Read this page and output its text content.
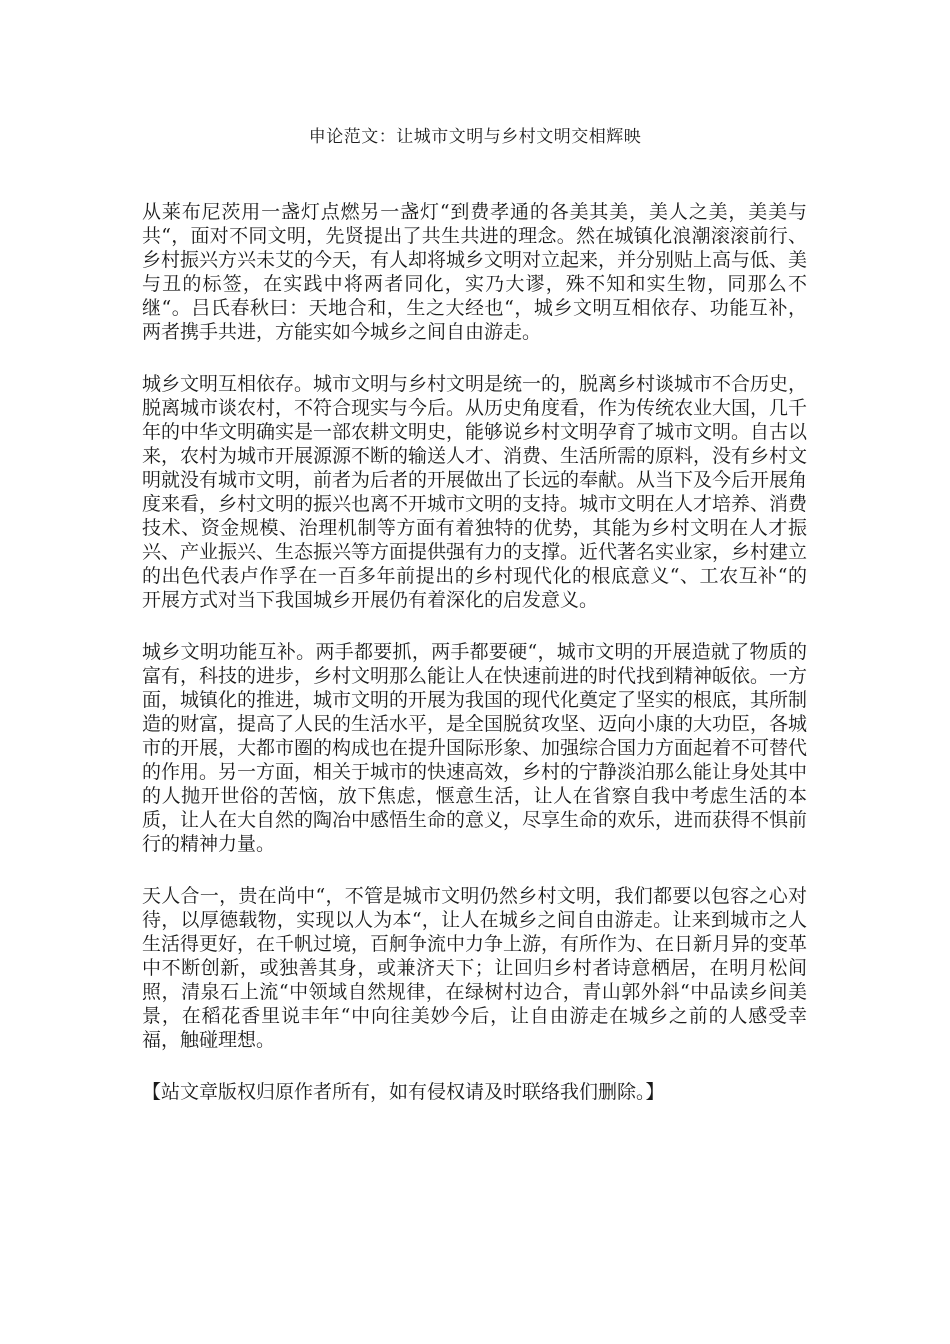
申论范文：让城市文明与乡村文明交相辉映

从莱布尼茨用一盏灯点燃另一盏灯“到费孝通的各美其美，美人之美，美美与共“，面对不同文明，先贤提出了共生共进的理念。然在城镇化浪潮滚滚前行、乡村振兴方兴未艾的今天，有人却将城乡文明对立起来，并分别贴上高与低、美与丑的标签，在实践中将两者同化，实乃大谬，殊不知和实生物，同那么不继“。吕氏春秋曰：天地合和，生之大经也“，城乡文明互相依存、功能互补，两者携手共进，方能实如今城乡之间自由游走。

城乡文明互相依存。城市文明与乡村文明是统一的，脱离乡村谈城市不合历史，脱离城市谈农村，不符合现实与今后。从历史角度看，作为传统农业大国，几千年的中华文明确实是一部农耕文明史，能够说乡村文明孕育了城市文明。自古以来，农村为城市开展源源不断的输送人才、消费、生活所需的原料，没有乡村文明就没有城市文明，前者为后者的开展做出了长远的奉献。从当下及今后开展角度来看，乡村文明的振兴也离不开城市文明的支持。城市文明在人才培养、消费技术、资金规模、治理机制等方面有着独特的优势，其能为乡村文明在人才振兴、产业振兴、生态振兴等方面提供强有力的支撑。近代著名实业家，乡村建立的出色代表卢作孚在一百多年前提出的乡村现代化的根底意义“、工农互补“的开展方式对当下我国城乡开展仍有着深化的启发意义。

城乡文明功能互补。两手都要抓，两手都要硬“，城市文明的开展造就了物质的富有，科技的进步，乡村文明那么能让人在快速前进的时代找到精神皈依。一方面，城镇化的推进，城市文明的开展为我国的现代化奠定了坚实的根底，其所制造的财富，提高了人民的生活水平，是全国脱贫攻坚、迈向小康的大功臣，各城市的开展，大都市圈的构成也在提升国际形象、加强综合国力方面起着不可替代的作用。另一方面，相关于城市的快速高效，乡村的宁静淡泊那么能让身处其中的人抛开世俗的苦恼，放下焦虑，惬意生活，让人在省察自我中考虑生活的本质，让人在大自然的陶冶中感悟生命的意义，尽享生命的欢乐，进而获得不惧前行的精神力量。

天人合一，贵在尚中“，不管是城市文明仍然乡村文明，我们都要以包容之心对待，以厚德载物，实现以人为本“，让人在城乡之间自由游走。让来到城市之人生活得更好，在千帆过境，百舸争流中力争上游，有所作为、在日新月异的变革中不断创新，或独善其身，或兼济天下；让回归乡村者诗意栖居，在明月松间照，清泉石上流“中领域自然规律，在绿树村边合，青山郭外斜“中品读乡间美景，在稻花香里说丰年“中向往美妙今后，让自由游走在城乡之前的人感受幸福，触碰理想。

【站文章版权归原作者所有，如有侵权请及时联络我们删除。】
